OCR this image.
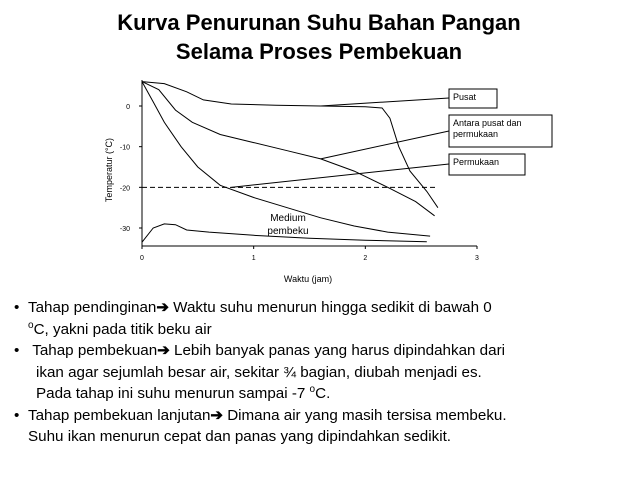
Kurva Penurunan Suhu Bahan Pangan
Selama Proses Pembekuan
0
-10
-20
-30
0	1	2	3
Waktu (jam)
Temperatur (°C)
Pusat
Antara pusat dan
permukaan
Permukaan
Medium
pembeku
• Tahap pendinginan➔ Waktu suhu menurun hingga sedikit di bawah 0
$^o$C, yakni pada titik beku air
• Tahap pembekuan➔ Lebih banyak panas yang harus dipindahkan dari

ikan agar sejumlah besar air, sekitar ¾ bagian, diubah menjadi es.
Pada tahap ini suhu menurun sampai -7 $^o$C.
• Tahap pembekuan lanjutan➔ Dimana air yang masih tersisa membeku.
Suhu ikan menurun cepat dan panas yang dipindahkan sedikit.
